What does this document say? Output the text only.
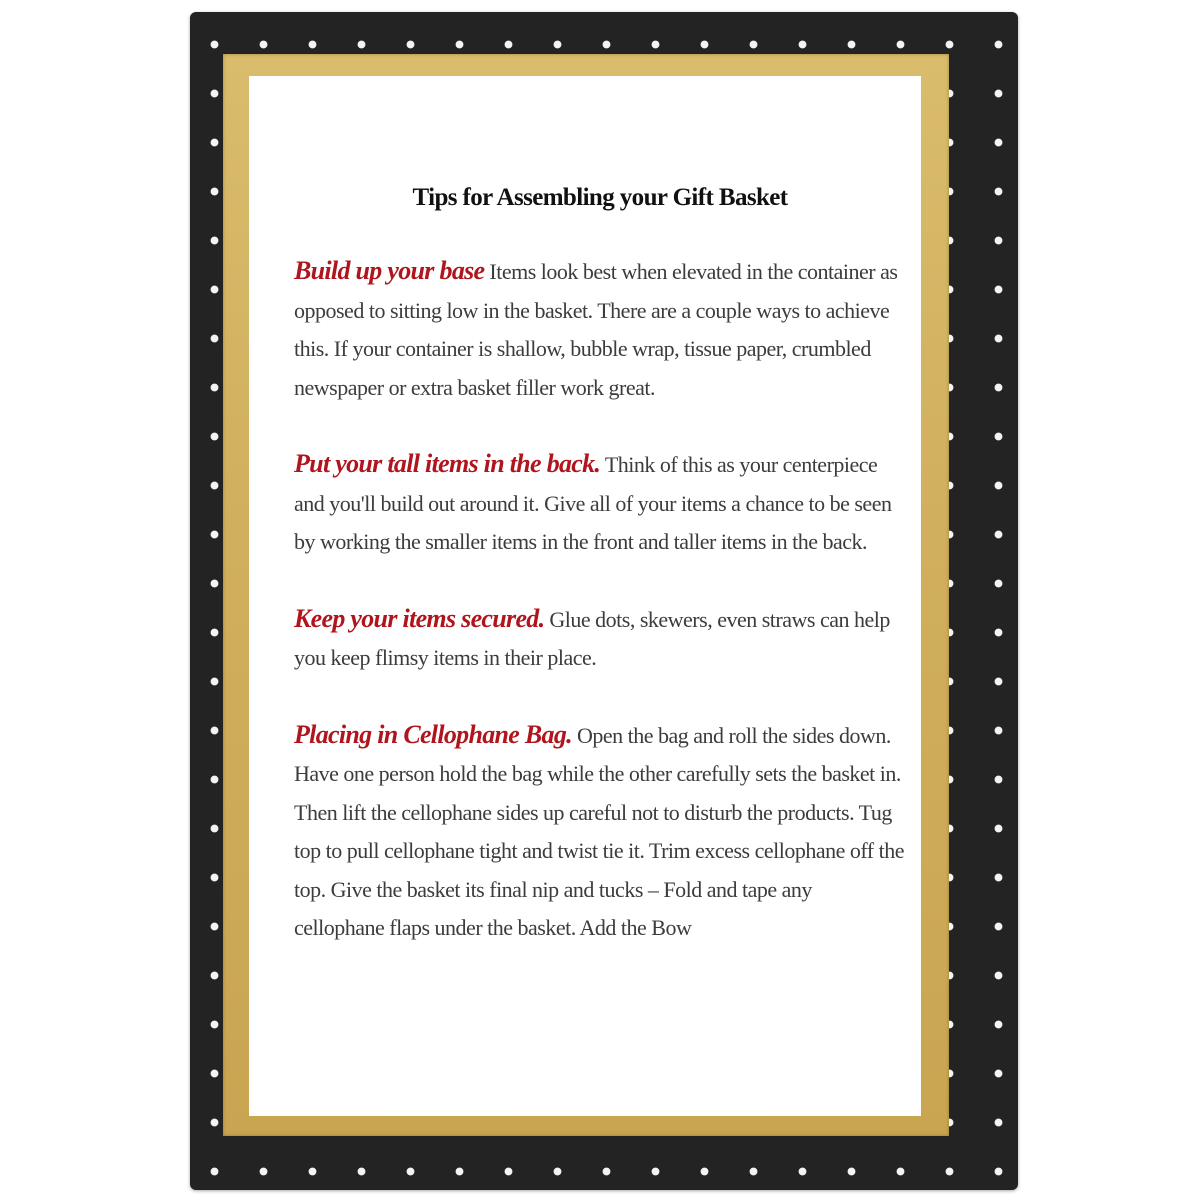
Tips for Assembling your Gift Basket

Build up your base Items look best when elevated in the container as opposed to sitting low in the basket. There are a couple ways to achieve this. If your container is shallow, bubble wrap, tissue paper, crumbled newspaper or extra basket filler work great.

Put your tall items in the back. Think of this as your centerpiece and you'll build out around it. Give all of your items a chance to be seen by working the smaller items in the front and taller items in the back.

Keep your items secured. Glue dots, skewers, even straws can help you keep flimsy items in their place.

Placing in Cellophane Bag. Open the bag and roll the sides down. Have one person hold the bag while the other carefully sets the basket in. Then lift the cellophane sides up careful not to disturb the products. Tug top to pull cellophane tight and twist tie it. Trim excess cellophane off the top. Give the basket its final nip and tucks – Fold and tape any cellophane flaps under the basket. Add the Bow
